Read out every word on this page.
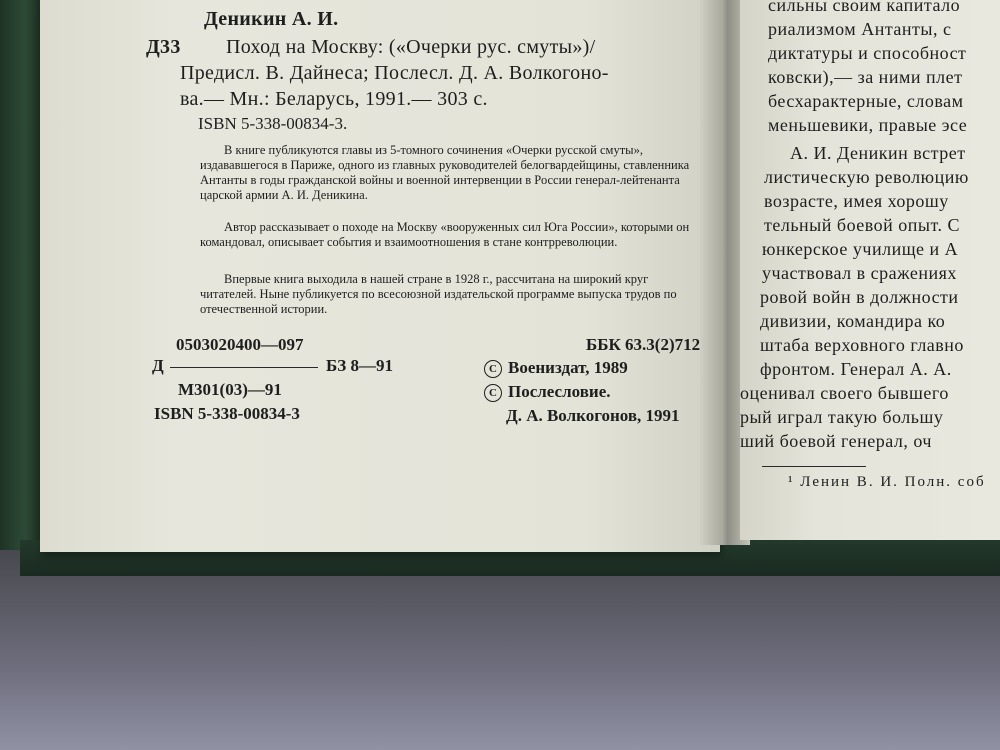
Деникин А. И.
Д33 Поход на Москву: («Очерки рус. смуты»)/
Предисл. В. Дайнеса; Послесл. Д. А. Волкогоно-
ва.— Мн.: Беларусь, 1991.— 303 с.
ISBN 5-338-00834-3.
В книге публикуются главы из 5-томного сочинения «Очерки русской смуты», издававшегося в Париже, одного из главных руководителей белогвардейщины, ставленника Антанты в годы гражданской войны и военной интервенции в России генерал-лейтенанта царской армии А. И. Деникина.
Автор рассказывает о походе на Москву «вооруженных сил Юга России», которыми он командовал, описывает события и взаимоотношения в стане контрреволюции.
Впервые книга выходила в нашей стране в 1928 г., рассчитана на широкий круг читателей. Ныне публикуется по всесоюзной издательской программе выпуска трудов по отечественной истории.
0503020400—097
Д	БЗ 8—91
М301(03)—91
ISBN 5-338-00834-3
ББК 63.3(2)712
C Воениздат, 1989
C Послесловие.
Д. А. Волкогонов, 1991
сильны своим капитало
риализмом Антанты, с
диктатуры и способност
ковски),— за ними плет
бесхарактерные, словам
меньшевики, правые эсе
А. И. Деникин встрет
листическую революцию
возрасте, имея хорошу
тельный боевой опыт. С
юнкерское училище и А
участвовал в сражениях
ровой войн в должности
дивизии, командира ко
штаба верховного главно
фронтом. Генерал А. А.
оценивал своего бывшего
рый играл такую большу
ший боевой генерал, оч
¹ Ленин В. И. Полн. соб
